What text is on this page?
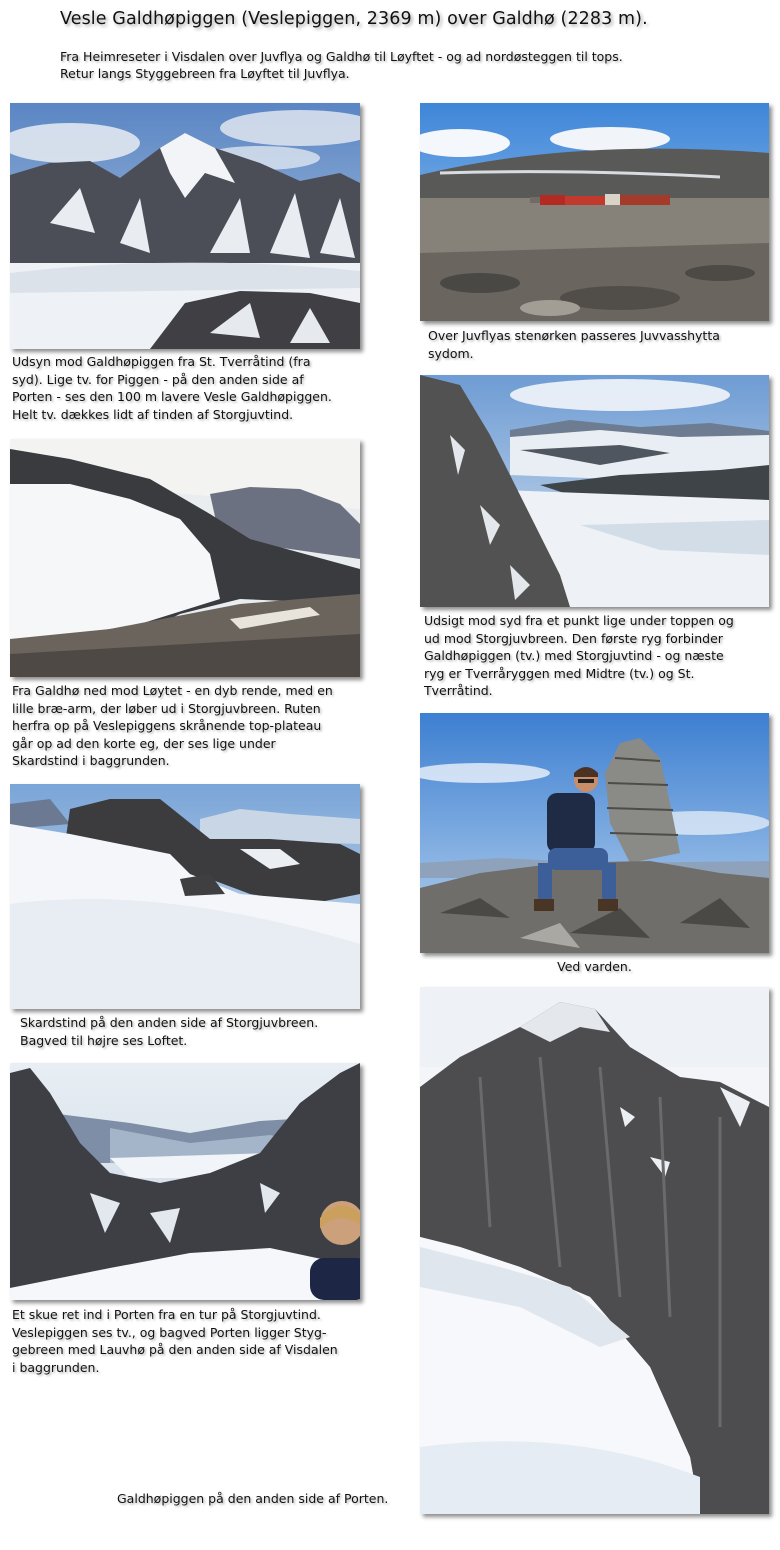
Vesle Galdhøpiggen (Veslepiggen, 2369 m) over Galdhø (2283 m).
Fra Heimreseter i Visdalen over Juvflya og Galdhø til Løyftet - og ad nordøsteggen til tops.
Retur langs Styggebreen fra Løyftet til Juvflya.
Udsyn mod Galdhøpiggen fra St. Tverråtind (fra
syd). Lige tv. for Piggen - på den anden side af
Porten - ses den 100 m lavere Vesle Galdhøpiggen.
Helt tv. dækkes lidt af tinden af Storgjuvtind.
Over Juvflyas stenørken passeres Juvvasshytta
sydom.
Fra Galdhø ned mod Løytet - en dyb rende, med en
lille bræ-arm, der løber ud i Storgjuvbreen. Ruten
herfra op på Veslepiggens skrånende top-plateau
går op ad den korte eg, der ses lige under
Skardstind i baggrunden.
Udsigt mod syd fra et punkt lige under toppen og
ud mod Storgjuvbreen. Den første ryg forbinder
Galdhøpiggen (tv.) med Storgjuvtind - og næste
ryg er Tverråryggen med Midtre (tv.) og St.
Tverråtind.
Ved varden.
Skardstind på den anden side af Storgjuvbreen.
Bagved til højre ses Loftet.
Et skue ret ind i Porten fra en tur på Storgjuvtind.
Veslepiggen ses tv., og bagved Porten ligger Styg-
gebreen med Lauvhø på den anden side af Visdalen
i baggrunden.
Galdhøpiggen på den anden side af Porten.
